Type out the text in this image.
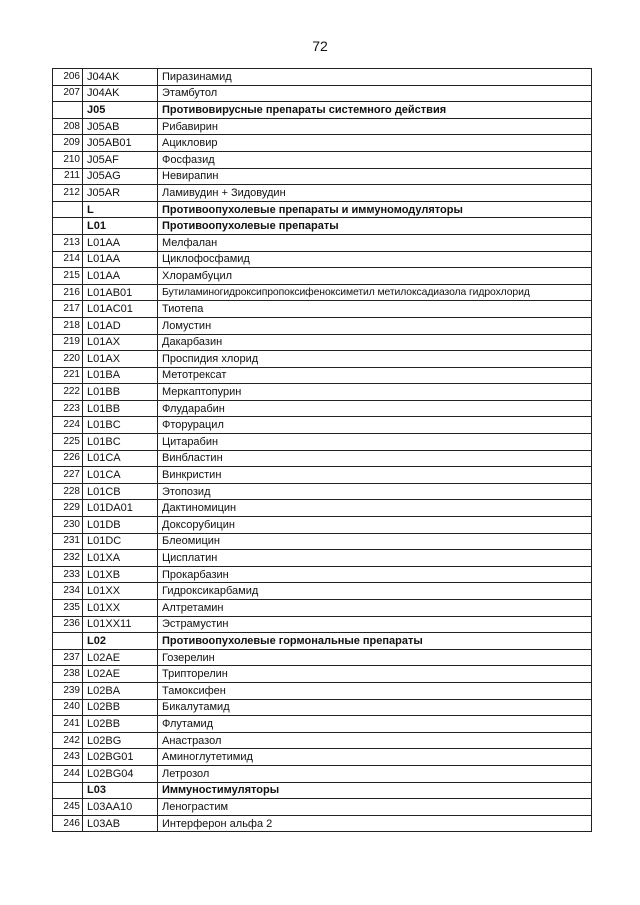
72
206	J04AK	Пиразинамид
207	J04AK	Этамбутол
	J05	Противовирусные препараты системного действия
208	J05AB	Рибавирин
209	J05AB01	Ацикловир
210	J05AF	Фосфазид
211	J05AG	Невирапин
212	J05AR	Ламивудин + Зидовудин
	L	Противоопухолевые препараты и иммуномодуляторы
	L01	Противоопухолевые препараты
213	L01AA	Мелфалан
214	L01AA	Циклофосфамид
215	L01AA	Хлорамбуцил
216	L01AB01	Бутиламиногидроксипропоксифеноксиметил метилоксадиазола гидрохлорид
217	L01AC01	Тиотепа
218	L01AD	Ломустин
219	L01AX	Дакарбазин
220	L01AX	Проспидия хлорид
221	L01BA	Метотрексат
222	L01BB	Меркаптопурин
223	L01BB	Флударабин
224	L01BC	Фторурацил
225	L01BC	Цитарабин
226	L01CA	Винбластин
227	L01CA	Винкристин
228	L01CB	Этопозид
229	L01DA01	Дактиномицин
230	L01DB	Доксорубицин
231	L01DC	Блеомицин
232	L01XA	Цисплатин
233	L01XB	Прокарбазин
234	L01XX	Гидроксикарбамид
235	L01XX	Алтретамин
236	L01XX11	Эстрамустин
	L02	Противоопухолевые гормональные препараты
237	L02AE	Гозерелин
238	L02AE	Трипторелин
239	L02BA	Тамоксифен
240	L02BB	Бикалутамид
241	L02BB	Флутамид
242	L02BG	Анастразол
243	L02BG01	Аминоглутетимид
244	L02BG04	Летрозол
	L03	Иммуностимуляторы
245	L03AA10	Ленограстим
246	L03AB	Интерферон альфа 2
